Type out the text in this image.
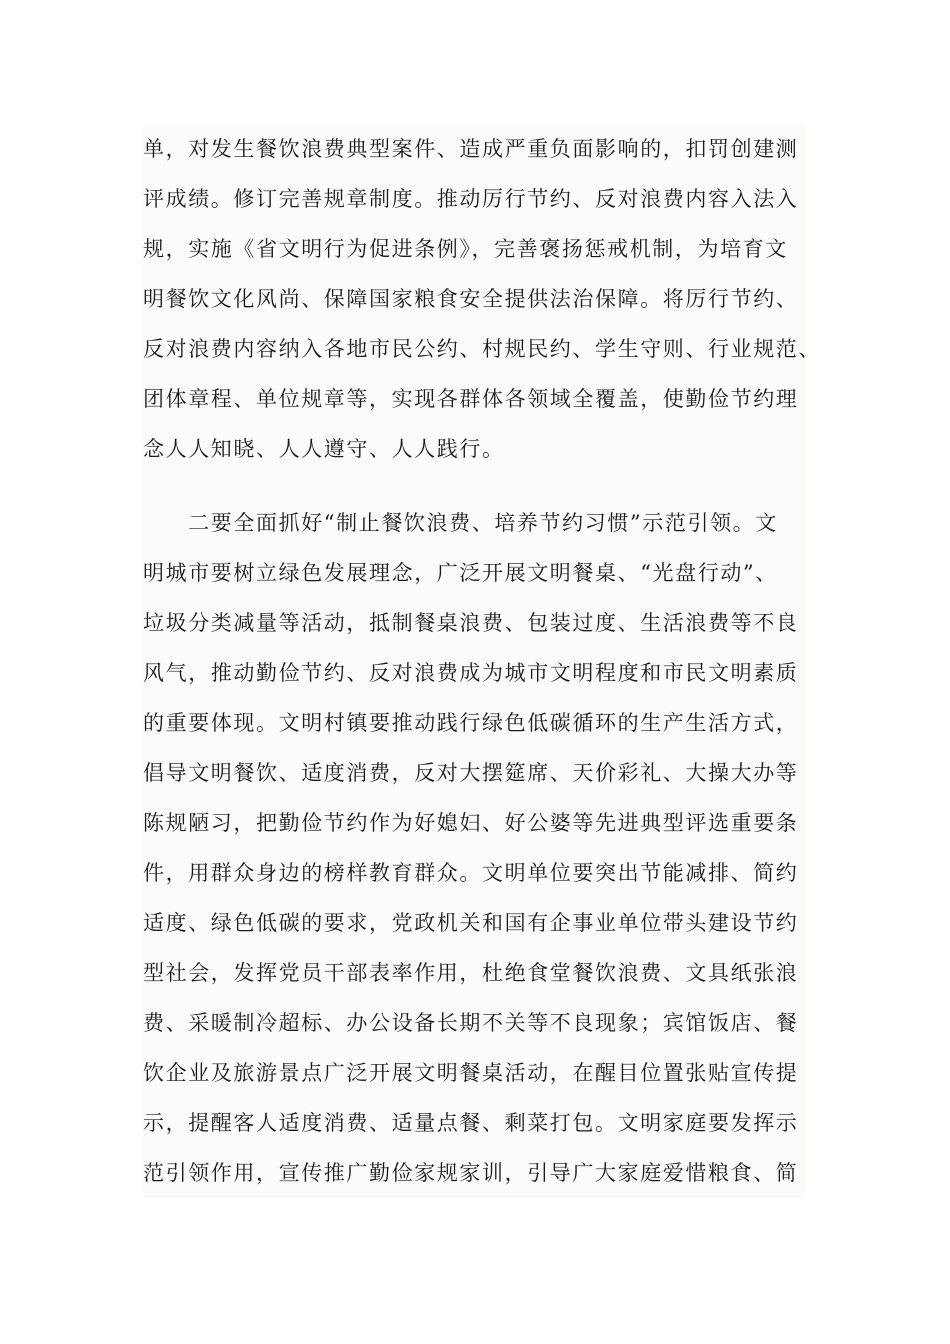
单，对发生餐饮浪费典型案件、造成严重负面影响的，扣罚创建测
评成绩。修订完善规章制度。推动厉行节约、反对浪费内容入法入
规，实施《省文明行为促进条例》，完善褒扬惩戒机制，为培育文
明餐饮文化风尚、保障国家粮食安全提供法治保障。将厉行节约、
反对浪费内容纳入各地市民公约、村规民约、学生守则、行业规范、
团体章程、单位规章等，实现各群体各领域全覆盖，使勤俭节约理
念人人知晓、人人遵守、人人践行。
　　二要全面抓好“制止餐饮浪费、培养节约习惯”示范引领。文
明城市要树立绿色发展理念，广泛开展文明餐桌、“光盘行动”、
垃圾分类减量等活动，抵制餐桌浪费、包装过度、生活浪费等不良
风气，推动勤俭节约、反对浪费成为城市文明程度和市民文明素质
的重要体现。文明村镇要推动践行绿色低碳循环的生产生活方式，
倡导文明餐饮、适度消费，反对大摆筵席、天价彩礼、大操大办等
陈规陋习，把勤俭节约作为好媳妇、好公婆等先进典型评选重要条
件，用群众身边的榜样教育群众。文明单位要突出节能减排、简约
适度、绿色低碳的要求，党政机关和国有企事业单位带头建设节约
型社会，发挥党员干部表率作用，杜绝食堂餐饮浪费、文具纸张浪
费、采暖制冷超标、办公设备长期不关等不良现象；宾馆饭店、餐
饮企业及旅游景点广泛开展文明餐桌活动，在醒目位置张贴宣传提
示，提醒客人适度消费、适量点餐、剩菜打包。文明家庭要发挥示
范引领作用，宣传推广勤俭家规家训，引导广大家庭爱惜粮食、简
